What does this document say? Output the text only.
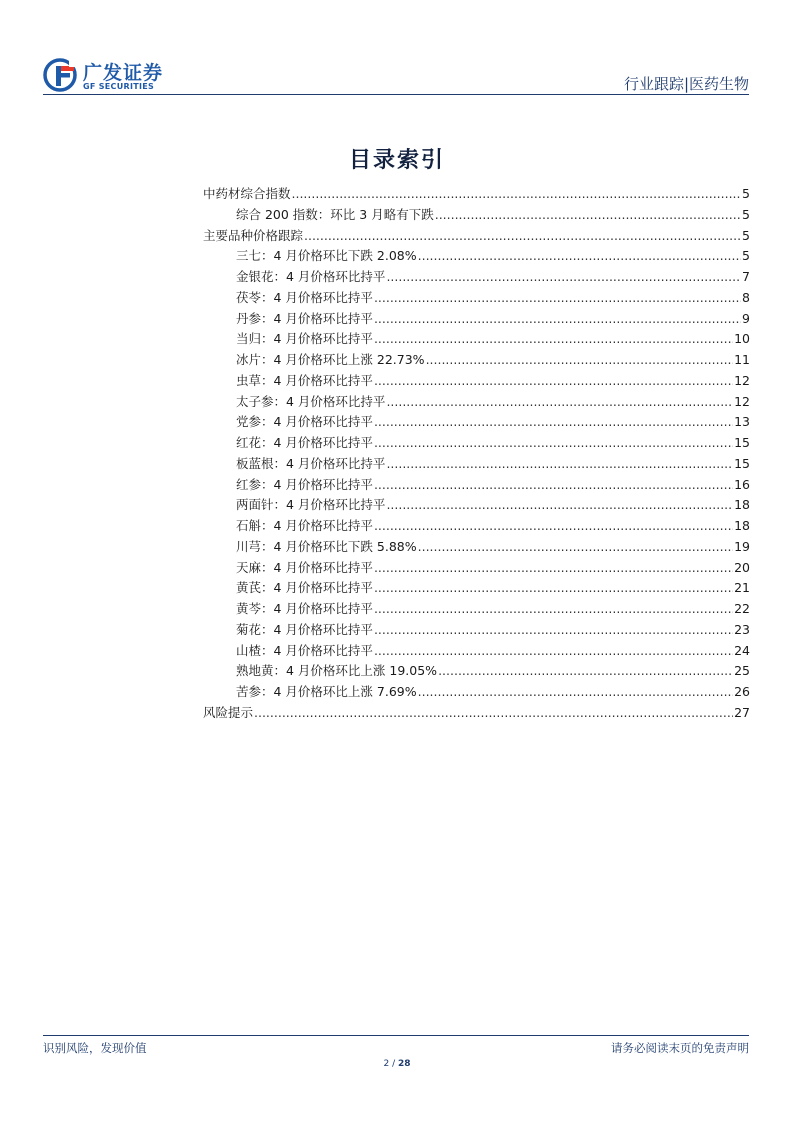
广发证券
GF SECURITIES	行业跟踪|医药生物
目录索引
中药材综合指数 .....	5
综合 200 指数：环比 3 月略有下跌 .....	5
主要品种价格跟踪 .....	5
三七：4 月价格环比下跌 2.08% .....	5
金银花：4 月价格环比持平 .....	7
茯苓：4 月价格环比持平 .....	8
丹参：4 月价格环比持平 .....	9
当归：4 月价格环比持平 .....	10
冰片：4 月价格环比上涨 22.73% .....	11
虫草：4 月价格环比持平 .....	12
太子参：4 月价格环比持平 .....	12
党参：4 月价格环比持平 .....	13
红花：4 月价格环比持平 .....	15
板蓝根：4 月价格环比持平 .....	15
红参：4 月价格环比持平 .....	16
两面针：4 月价格环比持平 .....	18
石斛：4 月价格环比持平 .....	18
川芎：4 月价格环比下跌 5.88% .....	19
天麻：4 月价格环比持平 .....	20
黄芪：4 月价格环比持平 .....	21
黄芩：4 月价格环比持平 .....	22
菊花：4 月价格环比持平 .....	23
山楂：4 月价格环比持平 .....	24
熟地黄：4 月价格环比上涨 19.05% .....	25
苦参：4 月价格环比上涨 7.69% .....	26
风险提示 .....	27
识别风险，发现价值	请务必阅读末页的免责声明
2 / 28
